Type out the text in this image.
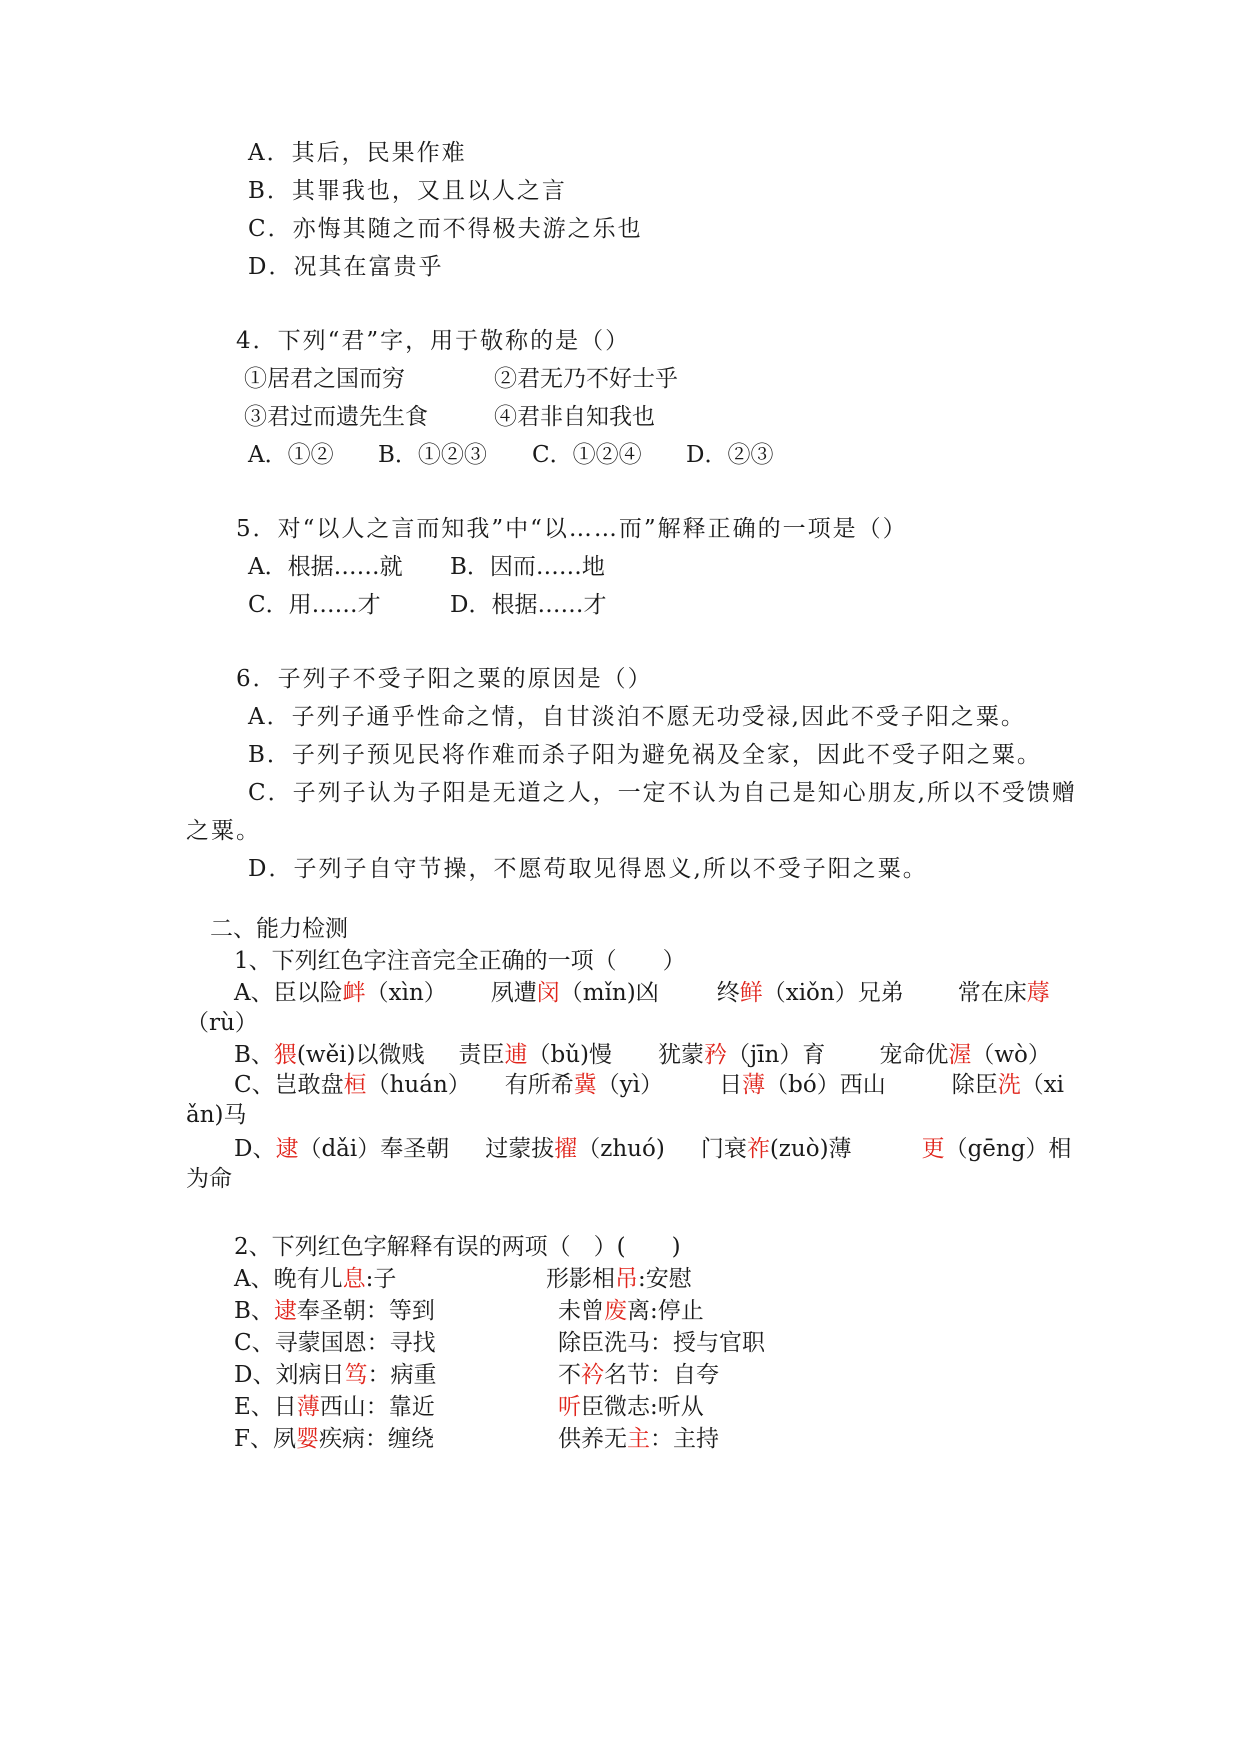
A．其后，民果作难
B．其罪我也，又且以人之言
C．亦悔其随之而不得极夫游之乐也
D．况其在富贵乎
4．下列“君”字，用于敬称的是（）
①居君之国而穷	②君无乃不好士乎
③君过而遗先生食	④君非自知我也
A．①② B．①②③ C．①②④ D．②③
5．对“以人之言而知我”中“以……而”解释正确的一项是（）
A．根据……就 B．因而……地
C．用……才	D．根据……才
6．子列子不受子阳之粟的原因是（）
A．子列子通乎性命之情，自甘淡泊不愿无功受禄,因此不受子阳之粟。
B．子列子预见民将作难而杀子阳为避免祸及全家，因此不受子阳之粟。
C．子列子认为子阳是无道之人，一定不认为自己是知心朋友,所以不受馈赠
之粟。
D．子列子自守节操，不愿苟取见得恩义,所以不受子阳之粟。
二、能力检测
1、下列红色字注音完全正确的一项（　　）
A、臣以险衅（xìn） 夙遭闵（mǐn)凶	终鲜（xiǒn）兄弟 常在床蓐
（rù）
B、猥(wěi)以微贱 责臣逋（bǔ)慢 犹蒙矜（jīn）育 宠命优渥（wò）
C、岂敢盘桓（huán） 有所希冀（yì） 日薄（bó）西山	除臣洗（xi
ǎn)马
D、逮（dǎi）奉圣朝 过蒙拔擢（zhuó) 门衰祚(zuò)薄	更（gēng）相
为命
2、下列红色字解释有误的两项（　）(　　)
A、晚有儿息:子	形影相吊:安慰
B、逮奉圣朝：等到	未曾废离:停止
C、寻蒙国恩：寻找	除臣洗马：授与官职
D、刘病日笃：病重	不衿名节：自夸
E、日薄西山：靠近	听臣微志:听从
F、夙婴疾病：缠绕	供养无主：主持
